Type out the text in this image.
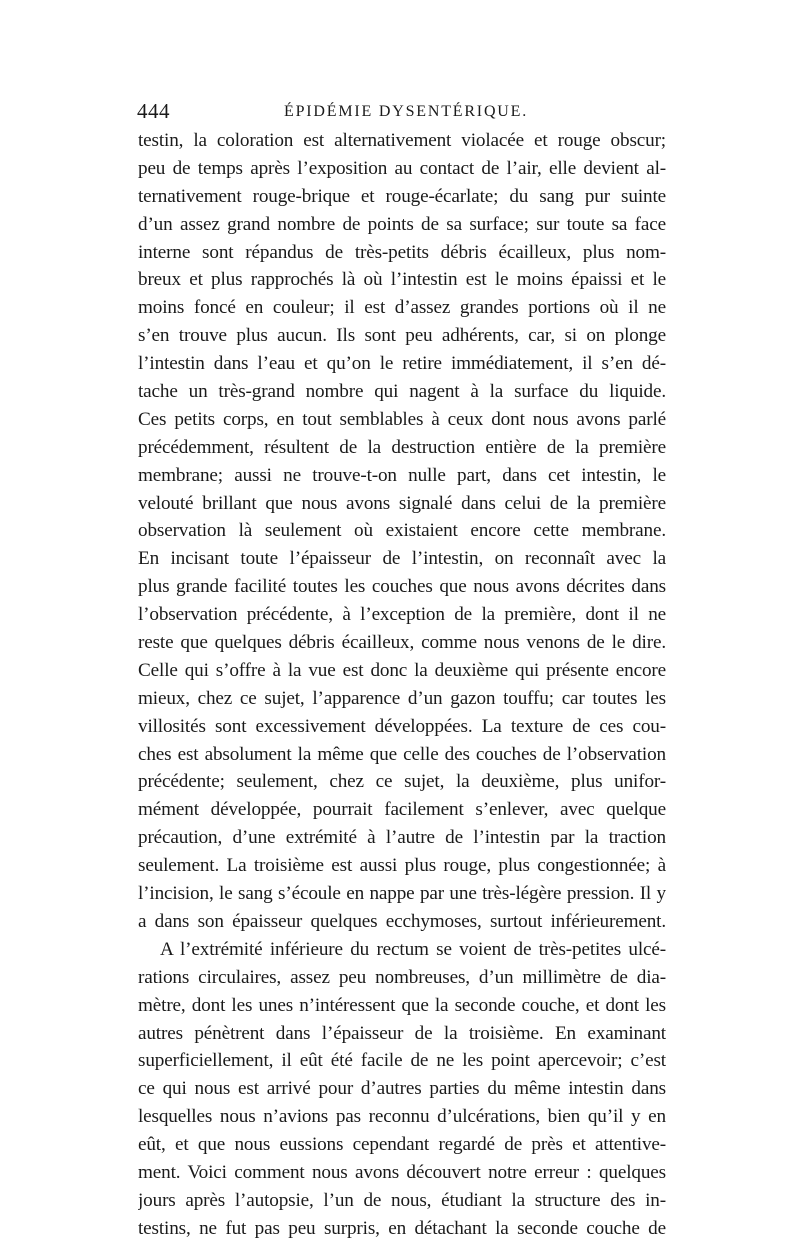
444	ÉPIDÉMIE DYSENTÉRIQUE.
testin, la coloration est alternativement violacée et rouge obscur;
peu de temps après l’exposition au contact de l’air, elle devient al-
ternativement rouge-brique et rouge-écarlate; du sang pur suinte
d’un assez grand nombre de points de sa surface; sur toute sa face
interne sont répandus de très-petits débris écailleux, plus nom-
breux et plus rapprochés là où l’intestin est le moins épaissi et le
moins foncé en couleur; il est d’assez grandes portions où il ne
s’en trouve plus aucun. Ils sont peu adhérents, car, si on plonge
l’intestin dans l’eau et qu’on le retire immédiatement, il s’en dé-
tache un très-grand nombre qui nagent à la surface du liquide.
Ces petits corps, en tout semblables à ceux dont nous avons parlé
précédemment, résultent de la destruction entière de la première
membrane; aussi ne trouve-t-on nulle part, dans cet intestin, le
velouté brillant que nous avons signalé dans celui de la première
observation là seulement où existaient encore cette membrane.
En incisant toute l’épaisseur de l’intestin, on reconnaît avec la
plus grande facilité toutes les couches que nous avons décrites dans
l’observation précédente, à l’exception de la première, dont il ne
reste que quelques débris écailleux, comme nous venons de le dire.
Celle qui s’offre à la vue est donc la deuxième qui présente encore
mieux, chez ce sujet, l’apparence d’un gazon touffu; car toutes les
villosités sont excessivement développées. La texture de ces cou-
ches est absolument la même que celle des couches de l’observation
précédente; seulement, chez ce sujet, la deuxième, plus unifor-
mément développée, pourrait facilement s’enlever, avec quelque
précaution, d’une extrémité à l’autre de l’intestin par la traction
seulement. La troisième est aussi plus rouge, plus congestionnée; à
l’incision, le sang s’écoule en nappe par une très-légère pression. Il y
a dans son épaisseur quelques ecchymoses, surtout inférieurement.
A l’extrémité inférieure du rectum se voient de très-petites ulcé-
rations circulaires, assez peu nombreuses, d’un millimètre de dia-
mètre, dont les unes n’intéressent que la seconde couche, et dont les
autres pénètrent dans l’épaisseur de la troisième. En examinant
superficiellement, il eût été facile de ne les point apercevoir; c’est
ce qui nous est arrivé pour d’autres parties du même intestin dans
lesquelles nous n’avions pas reconnu d’ulcérations, bien qu’il y en
eût, et que nous eussions cependant regardé de près et attentive-
ment. Voici comment nous avons découvert notre erreur : quelques
jours après l’autopsie, l’un de nous, étudiant la structure des in-
testins, ne fut pas peu surpris, en détachant la seconde couche de
